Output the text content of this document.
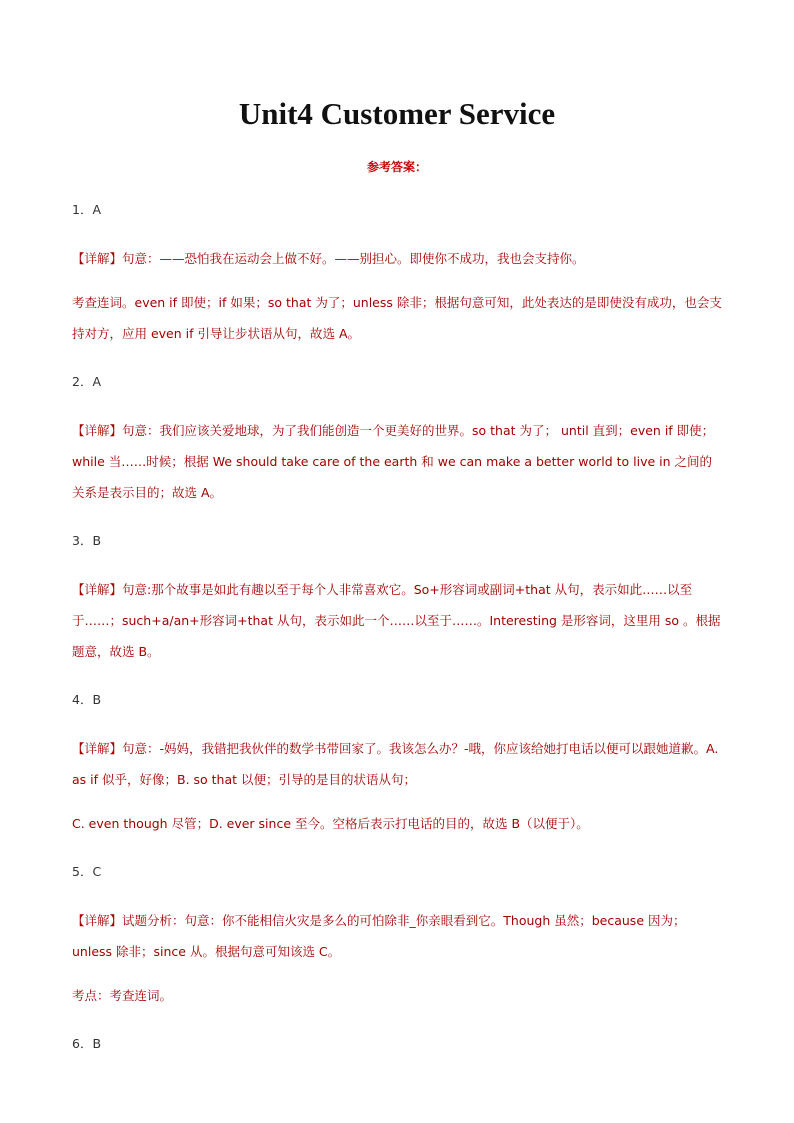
Unit4 Customer Service
参考答案：
1．A

【详解】句意：——恐怕我在运动会上做不好。——别担心。即使你不成功，我也会支持你。

考查连词。even if 即使；if 如果；so that 为了；unless 除非；根据句意可知，此处表达的是即使没有成功，也会支持对方，应用 even if 引导让步状语从句，故选 A。

2．A

【详解】句意：我们应该关爱地球，为了我们能创造一个更美好的世界。so that 为了； until 直到；even if 即使； while 当……时候；根据 We should take care of the earth 和 we can make a better world to live in 之间的关系是表示目的；故选 A。

3．B

【详解】句意:那个故事是如此有趣以至于每个人非常喜欢它。So+形容词或副词+that 从句，表示如此……以至于……；such+a/an+形容词+that 从句，表示如此一个……以至于……。Interesting 是形容词，这里用 so 。根据题意，故选 B。

4．B

【详解】句意：-妈妈，我错把我伙伴的数学书带回家了。我该怎么办？-哦，你应该给她打电话以便可以跟她道歉。A. as if 似乎，好像；B. so that 以便；引导的是目的状语从句；

C. even though 尽管；D. ever since 至今。空格后表示打电话的目的，故选 B（以便于）。

5．C

【详解】试题分析：句意：你不能相信火灾是多么的可怕除非_你亲眼看到它。Though 虽然；because 因为；unless 除非；since 从。根据句意可知该选 C。

考点：考查连词。

6．B
